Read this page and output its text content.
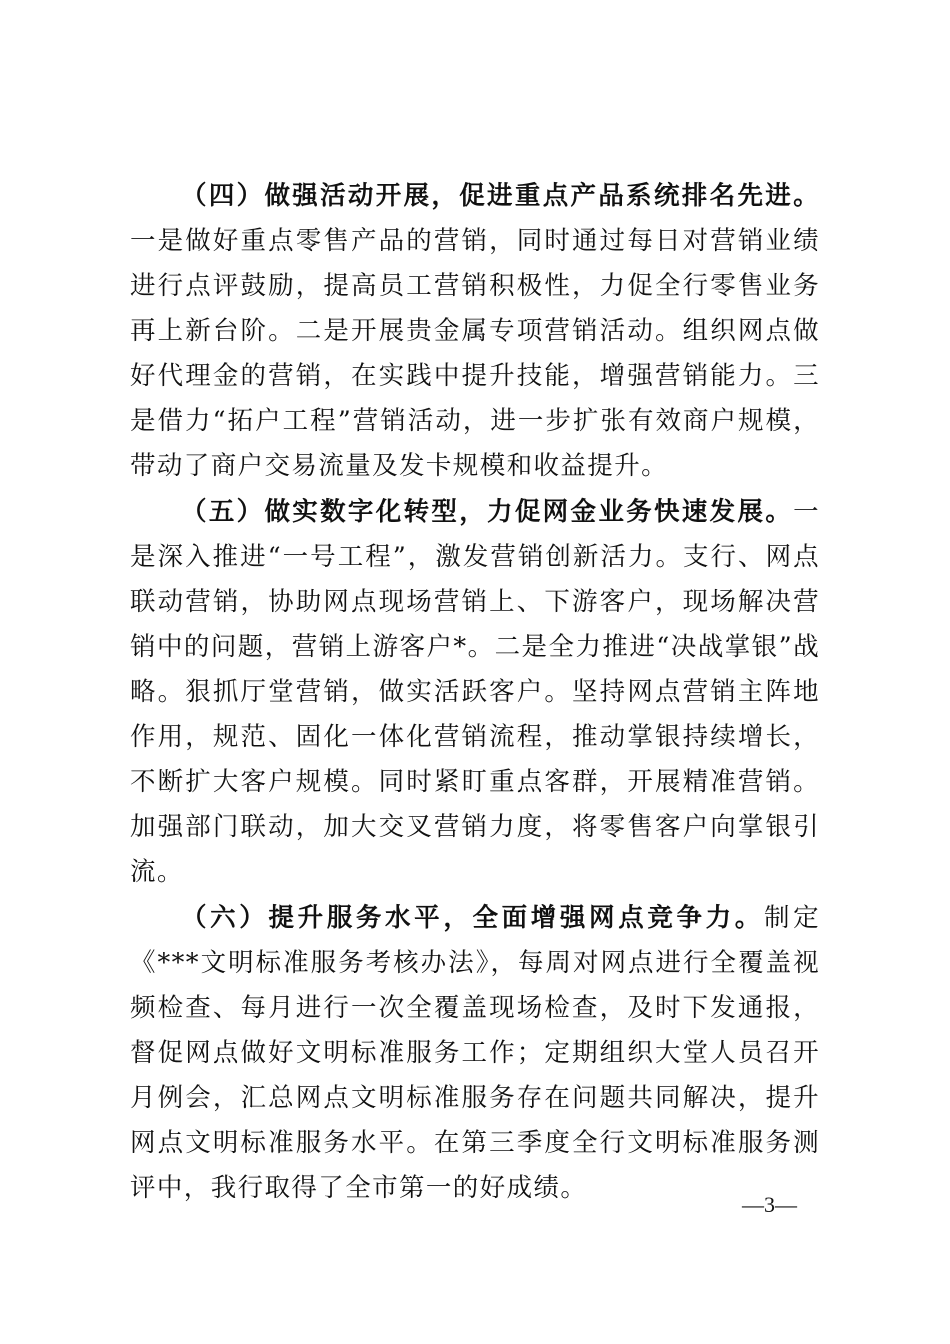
（四）做强活动开展，促进重点产品系统排名先进。一是做好重点零售产品的营销，同时通过每日对营销业绩进行点评鼓励，提高员工营销积极性，力促全行零售业务再上新台阶。二是开展贵金属专项营销活动。组织网点做好代理金的营销，在实践中提升技能，增强营销能力。三是借力“拓户工程”营销活动，进一步扩张有效商户规模，带动了商户交易流量及发卡规模和收益提升。

（五）做实数字化转型，力促网金业务快速发展。一是深入推进“一号工程”，激发营销创新活力。支行、网点联动营销，协助网点现场营销上、下游客户，现场解决营销中的问题，营销上游客户*。二是全力推进“决战掌银”战略。狠抓厅堂营销，做实活跃客户。坚持网点营销主阵地作用，规范、固化一体化营销流程，推动掌银持续增长，不断扩大客户规模。同时紧盯重点客群，开展精准营销。加强部门联动，加大交叉营销力度，将零售客户向掌银引流。

（六）提升服务水平，全面增强网点竞争力。制定《***文明标准服务考核办法》，每周对网点进行全覆盖视频检查、每月进行一次全覆盖现场检查，及时下发通报，督促网点做好文明标准服务工作；定期组织大堂人员召开月例会，汇总网点文明标准服务存在问题共同解决，提升网点文明标准服务水平。在第三季度全行文明标准服务测评中，我行取得了全市第一的好成绩。

—3—
